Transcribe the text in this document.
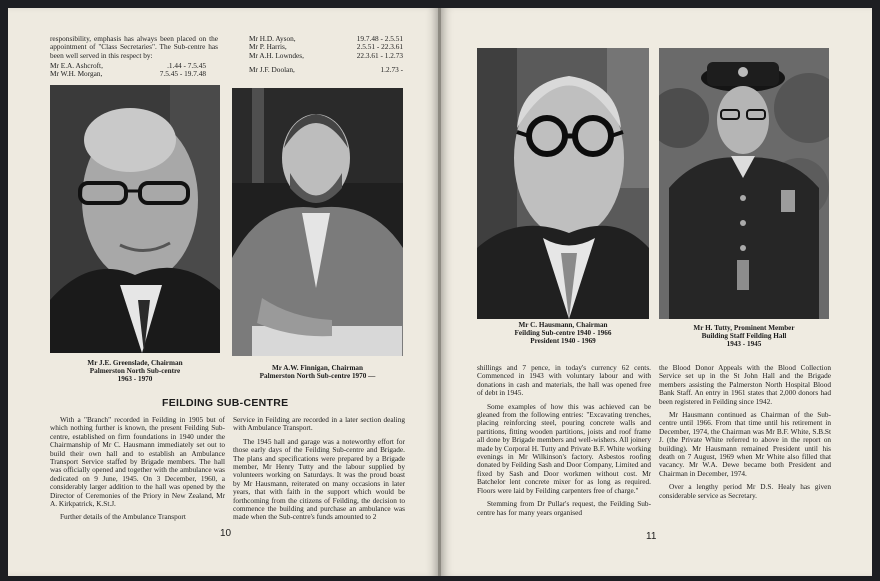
responsibility, emphasis has always been placed on the appointment of "Class Secretaries". The Sub-centre has been well served in this respect by:

Mr E.A. Ashcroft,	.1.44 - 7.5.45
Mr W.H. Morgan,	7.5.45 - 19.7.48
Mr H.D. Ayson,	19.7.48 - 2.5.51
Mr P. Harris,	2.5.51 - 22.3.61
Mr A.H. Lowndes,	22.3.61 - 1.2.73
Mr J.F. Doolan,	1.2.73 -
Mr J.E. Greenslade, Chairman
Palmerston North Sub-centre
1963 - 1970
Mr A.W. Finnigan, Chairman
Palmerston North Sub-centre 1970 —
FEILDING SUB-CENTRE

With a "Branch" recorded in Feilding in 1905 but of which nothing further is known, the present Feilding Sub-centre, established on firm foundations in 1940 under the Chairmanship of Mr C. Hausmann immediately set out to build their own hall and to establish an Ambulance Transport Service staffed by Brigade members. The hall was officially opened and together with the ambulance was dedicated on 9 June, 1945. On 3 December, 1960, a considerably larger addition to the hall was opened by the Director of Ceremonies of the Priory in New Zealand, Mr A. Kirkpatrick, K.St.J.

Further details of the Ambulance Transport

Service in Feilding are recorded in a later section dealing with Ambulance Transport.

The 1945 hall and garage was a noteworthy effort for those early days of the Feilding Sub-centre and Brigade. The plans and specifications were prepared by a Brigade member, Mr Henry Tutty and the labour supplied by volunteers working on Saturdays. It was the proud boast by Mr Hausmann, reiterated on many occasions in later years, that with faith in the support which would be forthcoming from the citizens of Feilding, the decision to commence the building and purchase an ambulance was made when the Sub-centre's funds amounted to 2

10
Mr C. Hausmann, Chairman
Feilding Sub-centre 1940 - 1966
President 1940 - 1969
Mr H. Tutty, Prominent Member
Building Staff Feilding Hall
1943 - 1945

shillings and 7 pence, in today's currency 62 cents. Commenced in 1943 with voluntary labour and with donations in cash and materials, the hall was opened free of debt in 1945.

Some examples of how this was achieved can be gleaned from the following entries: "Excavating trenches, placing reinforcing steel, pouring concrete walls and partitions, fitting wooden partitions, joists and roof frame all done by Brigade members and well-wishers. All joinery made by Corporal H. Tutty and Private B.F. White working evenings in Mr Wilkinson's factory. Asbestos roofing donated by Feilding Sash and Door Company, Limited and fixed by Sash and Door workmen without cost. Mr Batchelor lent concrete mixer for as long as required. Floors were laid by Feilding carpenters free of charge."

Stemming from Dr Pullar's request, the Feilding Sub-centre has for many years organised

the Blood Donor Appeals with the Blood Collection Service set up in the St John Hall and the Brigade members assisting the Palmerston North Hospital Blood Bank Staff. An entry in 1961 states that 2,000 donors had been registered in Feilding since 1942.

Mr Hausmann continued as Chairman of the Sub-centre until 1966. From that time until his retirement in December, 1974, the Chairman was Mr B.F. White, S.B.St J. (the Private White referred to above in the report on building). Mr Hausmann remained President until his death on 7 August, 1969 when Mr White also filled that vacancy. Mr W.A. Dewe became both President and Chairman in December, 1974.

Over a lengthy period Mr D.S. Healy has given considerable service as Secretary.

11
